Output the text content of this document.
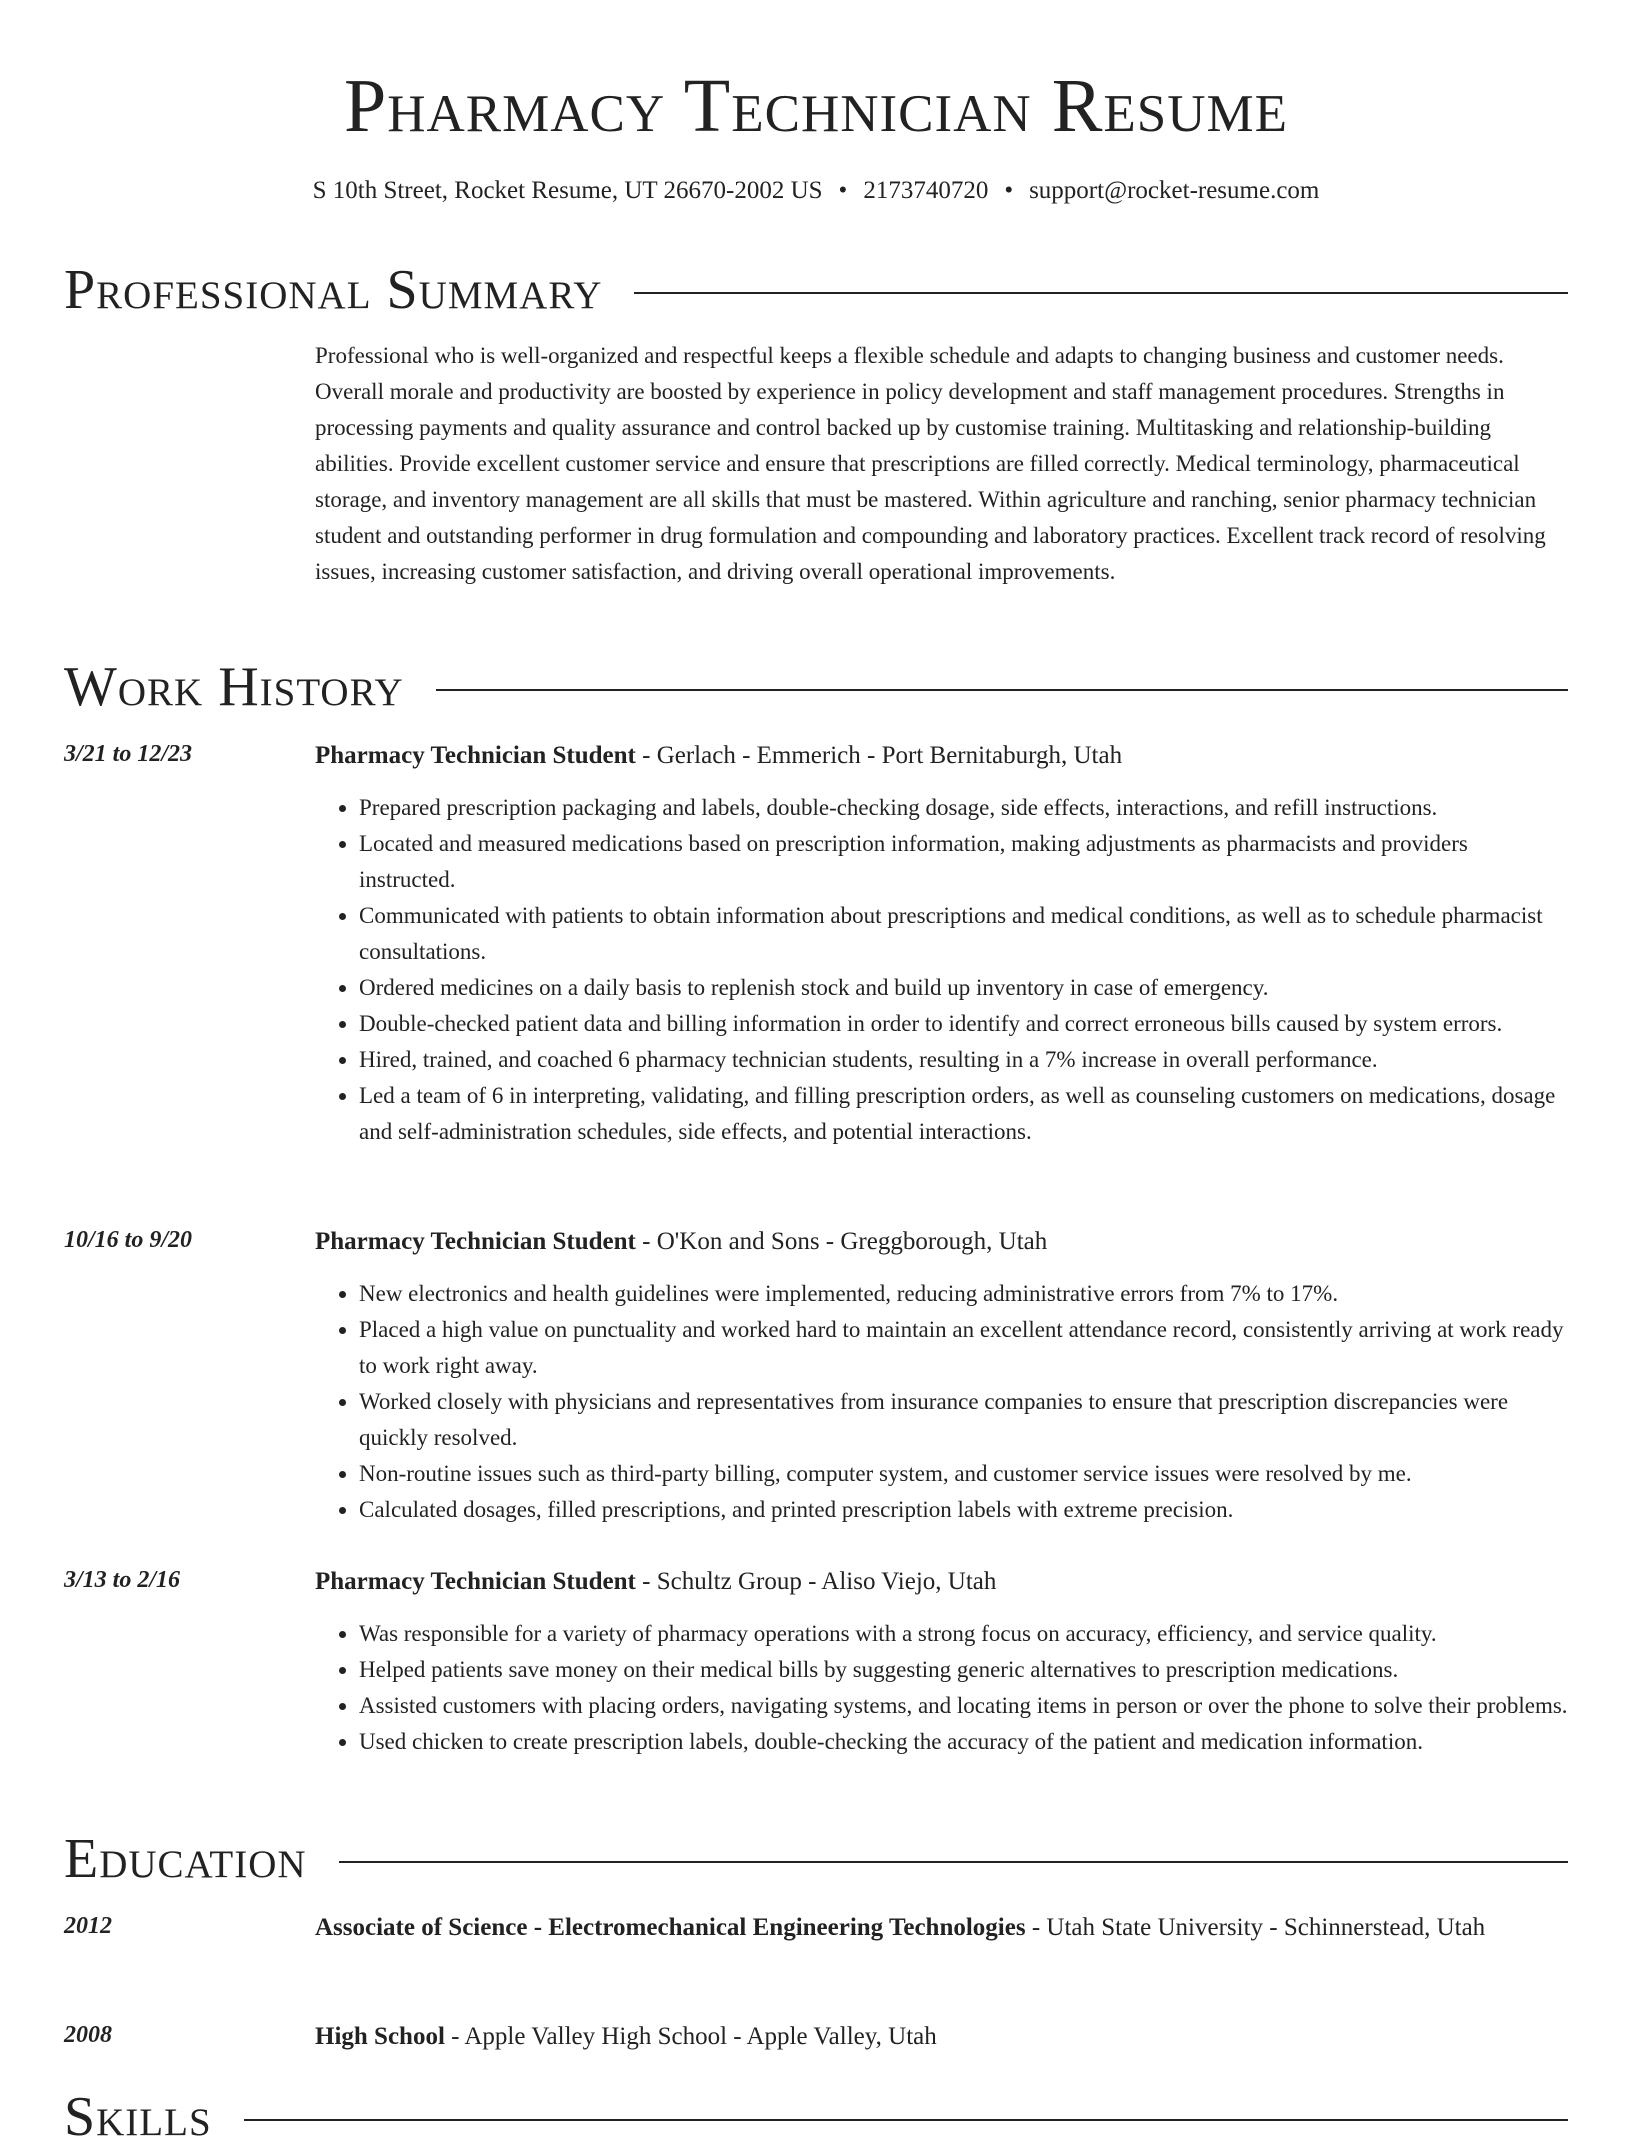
Pharmacy Technician Resume
S 10th Street, Rocket Resume, UT 26670-2002 US • 2173740720 • support@rocket-resume.com
Professional Summary

Professional who is well-organized and respectful keeps a flexible schedule and adapts to changing business and customer needs. Overall morale and productivity are boosted by experience in policy development and staff management procedures. Strengths in processing payments and quality assurance and control backed up by customise training. Multitasking and relationship-building abilities. Provide excellent customer service and ensure that prescriptions are filled correctly. Medical terminology, pharmaceutical storage, and inventory management are all skills that must be mastered. Within agriculture and ranching, senior pharmacy technician student and outstanding performer in drug formulation and compounding and laboratory practices. Excellent track record of resolving issues, increasing customer satisfaction, and driving overall operational improvements.

Work History
3/21 to 12/23	Pharmacy Technician Student - Gerlach - Emmerich - Port Bernitaburgh, Utah
• Prepared prescription packaging and labels, double-checking dosage, side effects, interactions, and refill instructions.
• Located and measured medications based on prescription information, making adjustments as pharmacists and providers instructed.
• Communicated with patients to obtain information about prescriptions and medical conditions, as well as to schedule pharmacist consultations.
• Ordered medicines on a daily basis to replenish stock and build up inventory in case of emergency.
• Double-checked patient data and billing information in order to identify and correct erroneous bills caused by system errors.
• Hired, trained, and coached 6 pharmacy technician students, resulting in a 7% increase in overall performance.
• Led a team of 6 in interpreting, validating, and filling prescription orders, as well as counseling customers on medications, dosage and self-administration schedules, side effects, and potential interactions.
10/16 to 9/20	Pharmacy Technician Student - O'Kon and Sons - Greggborough, Utah
• New electronics and health guidelines were implemented, reducing administrative errors from 7% to 17%.
• Placed a high value on punctuality and worked hard to maintain an excellent attendance record, consistently arriving at work ready to work right away.
• Worked closely with physicians and representatives from insurance companies to ensure that prescription discrepancies were quickly resolved.
• Non-routine issues such as third-party billing, computer system, and customer service issues were resolved by me.
• Calculated dosages, filled prescriptions, and printed prescription labels with extreme precision.
3/13 to 2/16	Pharmacy Technician Student - Schultz Group - Aliso Viejo, Utah
• Was responsible for a variety of pharmacy operations with a strong focus on accuracy, efficiency, and service quality.
• Helped patients save money on their medical bills by suggesting generic alternatives to prescription medications.
• Assisted customers with placing orders, navigating systems, and locating items in person or over the phone to solve their problems.
• Used chicken to create prescription labels, double-checking the accuracy of the patient and medication information.
Education
2012	Associate of Science - Electromechanical Engineering Technologies - Utah State University - Schinnerstead, Utah
2008	High School - Apple Valley High School - Apple Valley, Utah
Skills
